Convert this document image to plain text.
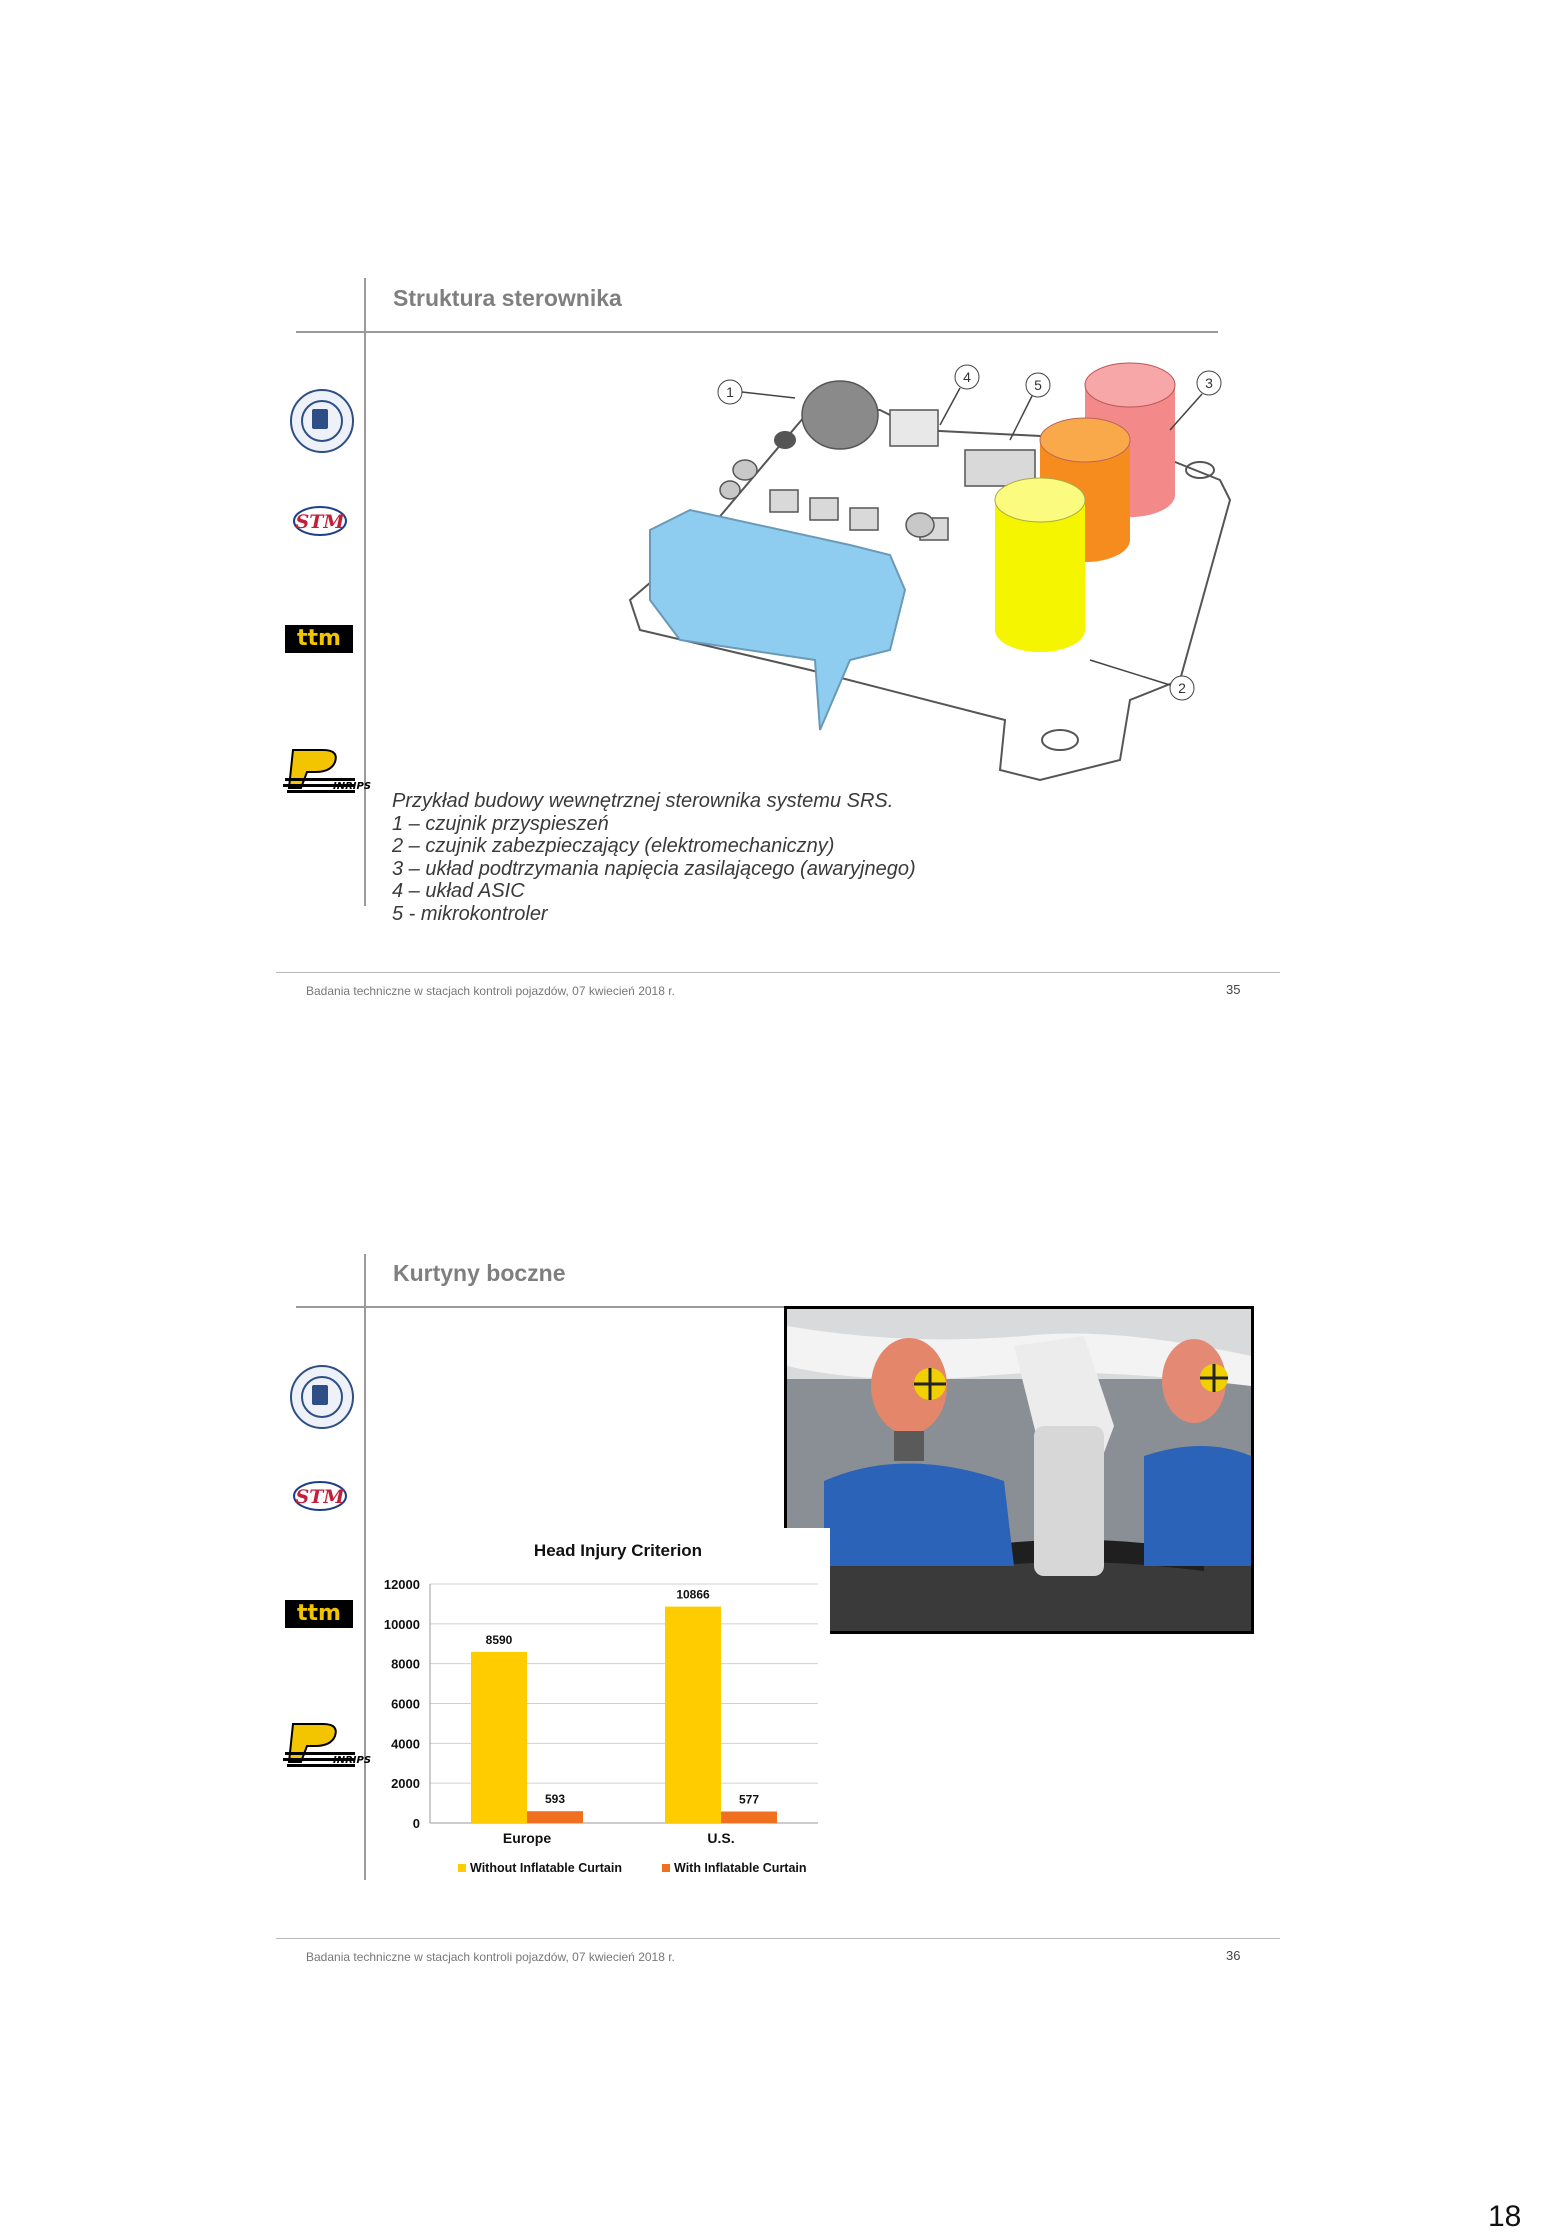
Struktura sterownika
STM
ttm
INRIPS
1
4	5	3
2
Przykład budowy wewnętrznej sterownika systemu SRS.
1 – czujnik przyspieszeń
2 – czujnik zabezpieczający (elektromechaniczny)
3 – układ podtrzymania napięcia zasilającego (awaryjnego)
4 – układ ASIC
5 - mikrokontroler
Badania techniczne w stacjach kontroli pojazdów, 07 kwiecień 2018 r.	35
Kurtyny boczne
STM
ttm
INRIPS
Badania techniczne w stacjach kontroli pojazdów, 07 kwiecień 2018 r.	36
Head Injury Criterion
0
2000
4000
6000
8000
10000
12000
8590
593
10866
577
Europe	U.S.
Without Inflatable Curtain	With Inflatable Curtain
18
